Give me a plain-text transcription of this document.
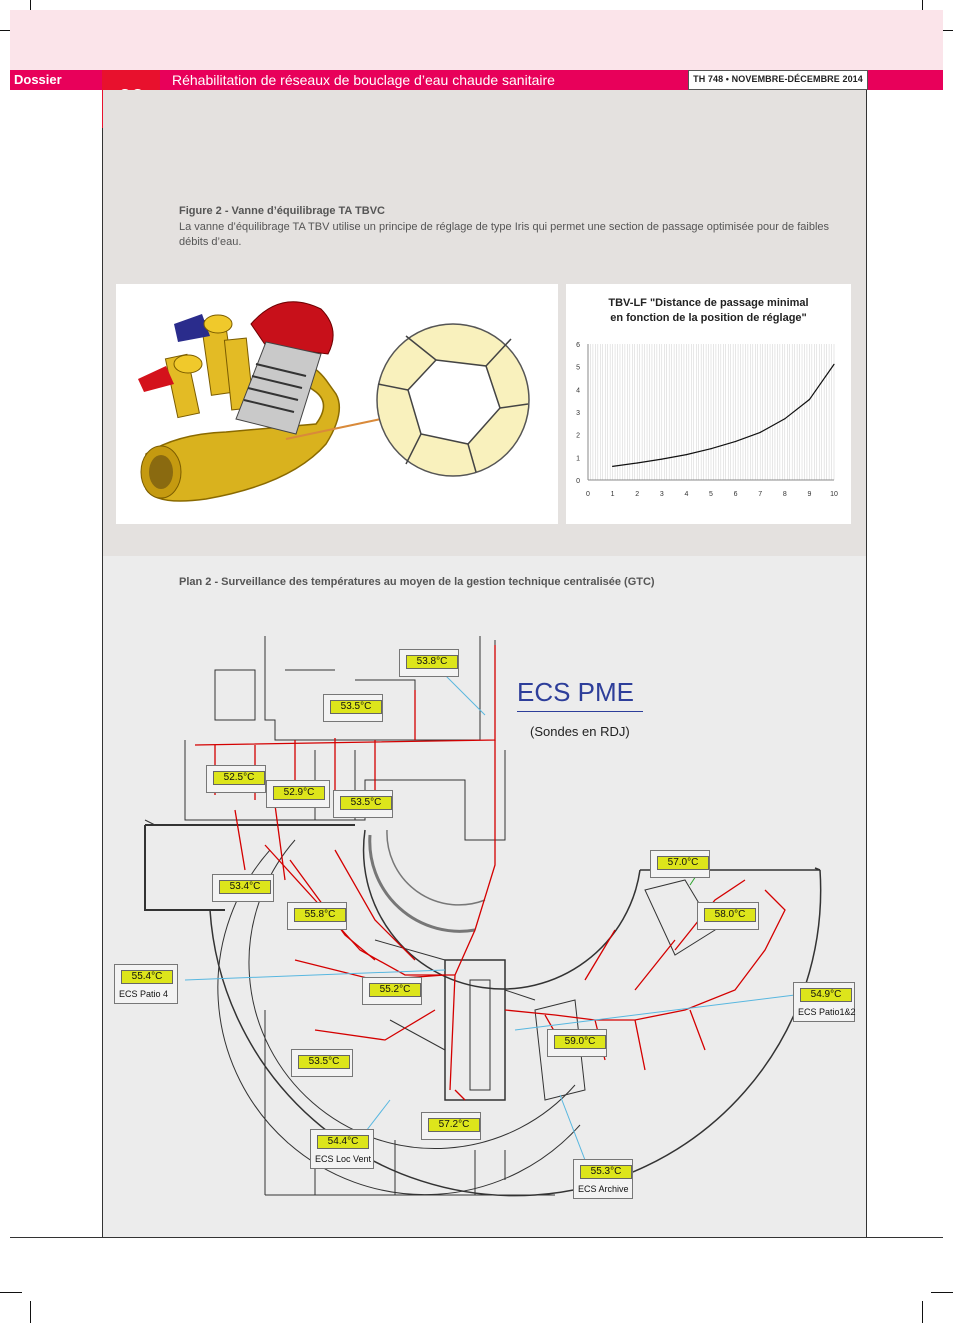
Dossier	Réhabilitation de réseaux de bouclage d’eau chaude sanitaire	TH 748 • NOVEMBRE-DÉCEMBRE 2014
Figure 2 - Vanne d’équilibrage TA TBVC
La vanne d’équilibrage TA TBV utilise un principe de réglage de type Iris qui permet une section de passage optimisée pour de faibles débits d’eau.
TBV-LF "Distance de passage minimal en fonction de la position de réglage"
0
1
2
3
4
5
6
0	1	2	3	4	5	6	7	8	9	10
Plan 2 - Surveillance des températures au moyen de la gestion technique centralisée (GTC)
ECS PME
(Sondes en RDJ)
53.8°C
53.5°C
52.5°C
52.9°C
53.5°C
57.0°C
53.4°C
55.8°C	58.0°C
55.4°C
ECS Patio 4	55.2°C	54.9°C
ECS Patio1&2
59.0°C
53.5°C
54.4°C
ECS Loc Vent
57.2°C
55.3°C
ECS Archive
